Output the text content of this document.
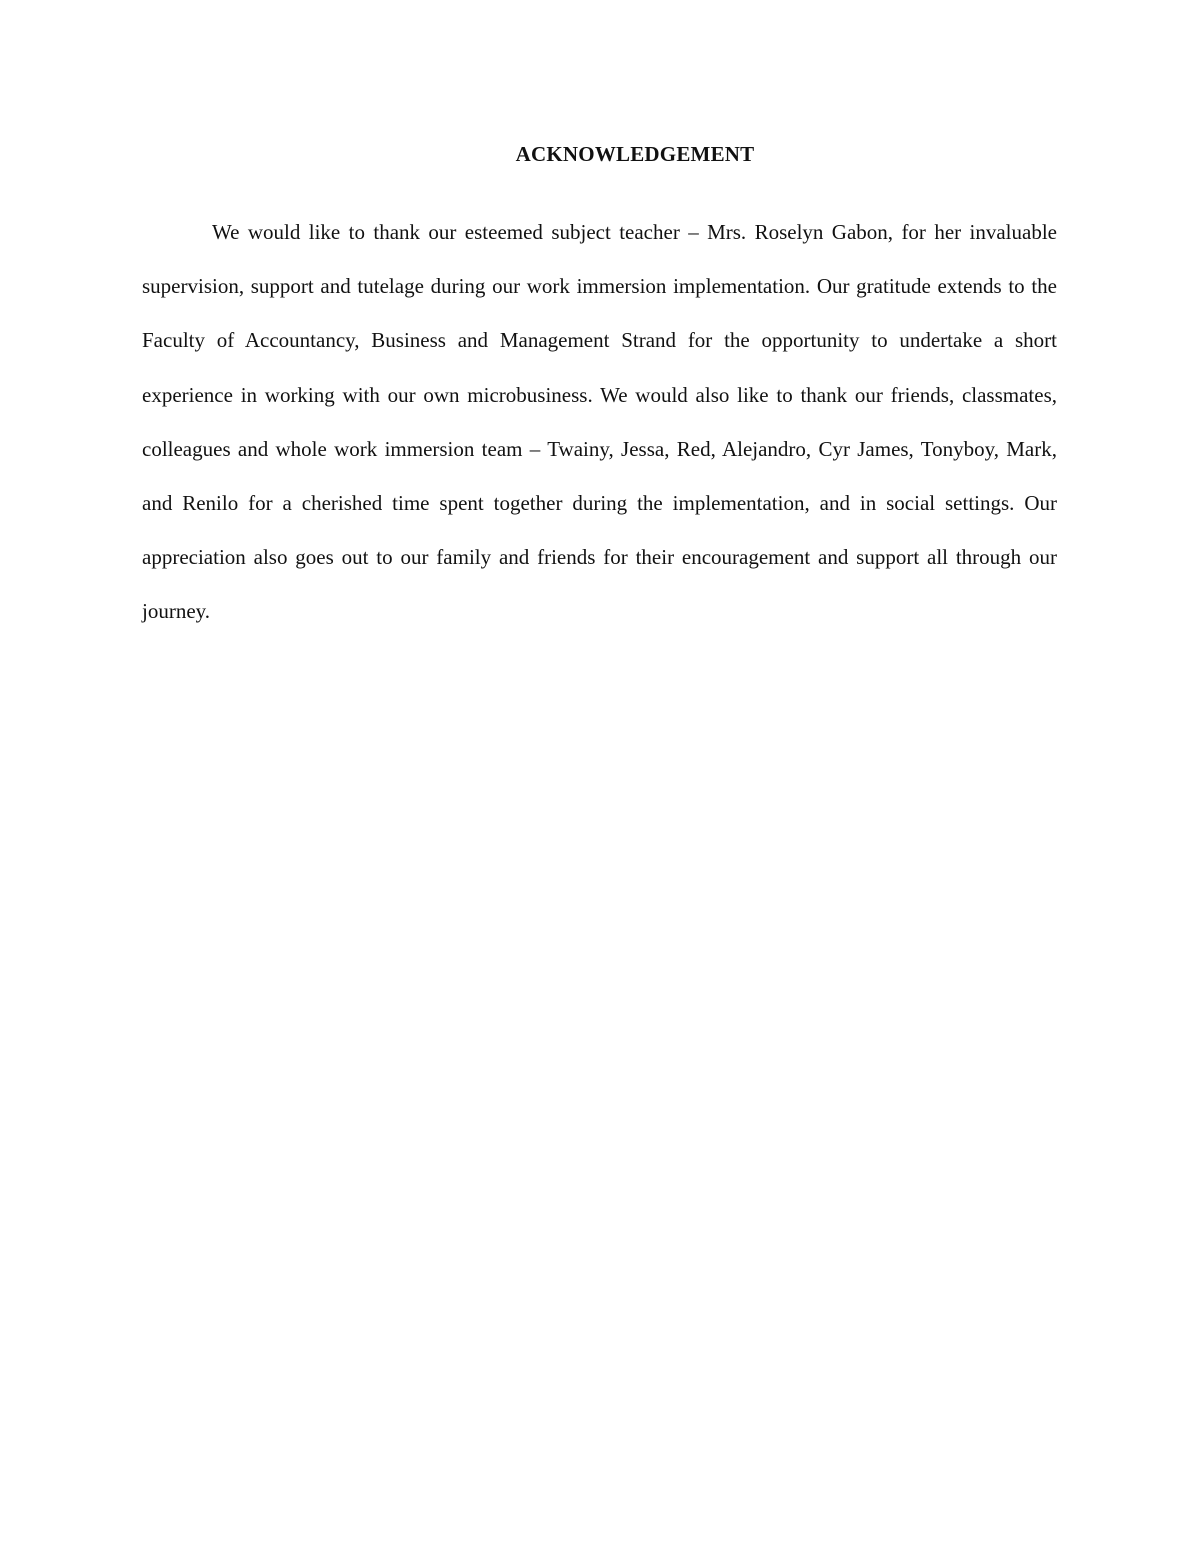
ACKNOWLEDGEMENT

We would like to thank our esteemed subject teacher – Mrs. Roselyn Gabon, for her invaluable supervision, support and tutelage during our work immersion implementation. Our gratitude extends to the Faculty of Accountancy, Business and Management Strand for the opportunity to undertake a short experience in working with our own microbusiness. We would also like to thank our friends, classmates, colleagues and whole work immersion team – Twainy, Jessa, Red, Alejandro, Cyr James, Tonyboy, Mark, and Renilo for a cherished time spent together during the implementation, and in social settings. Our appreciation also goes out to our family and friends for their encouragement and support all through our journey.
